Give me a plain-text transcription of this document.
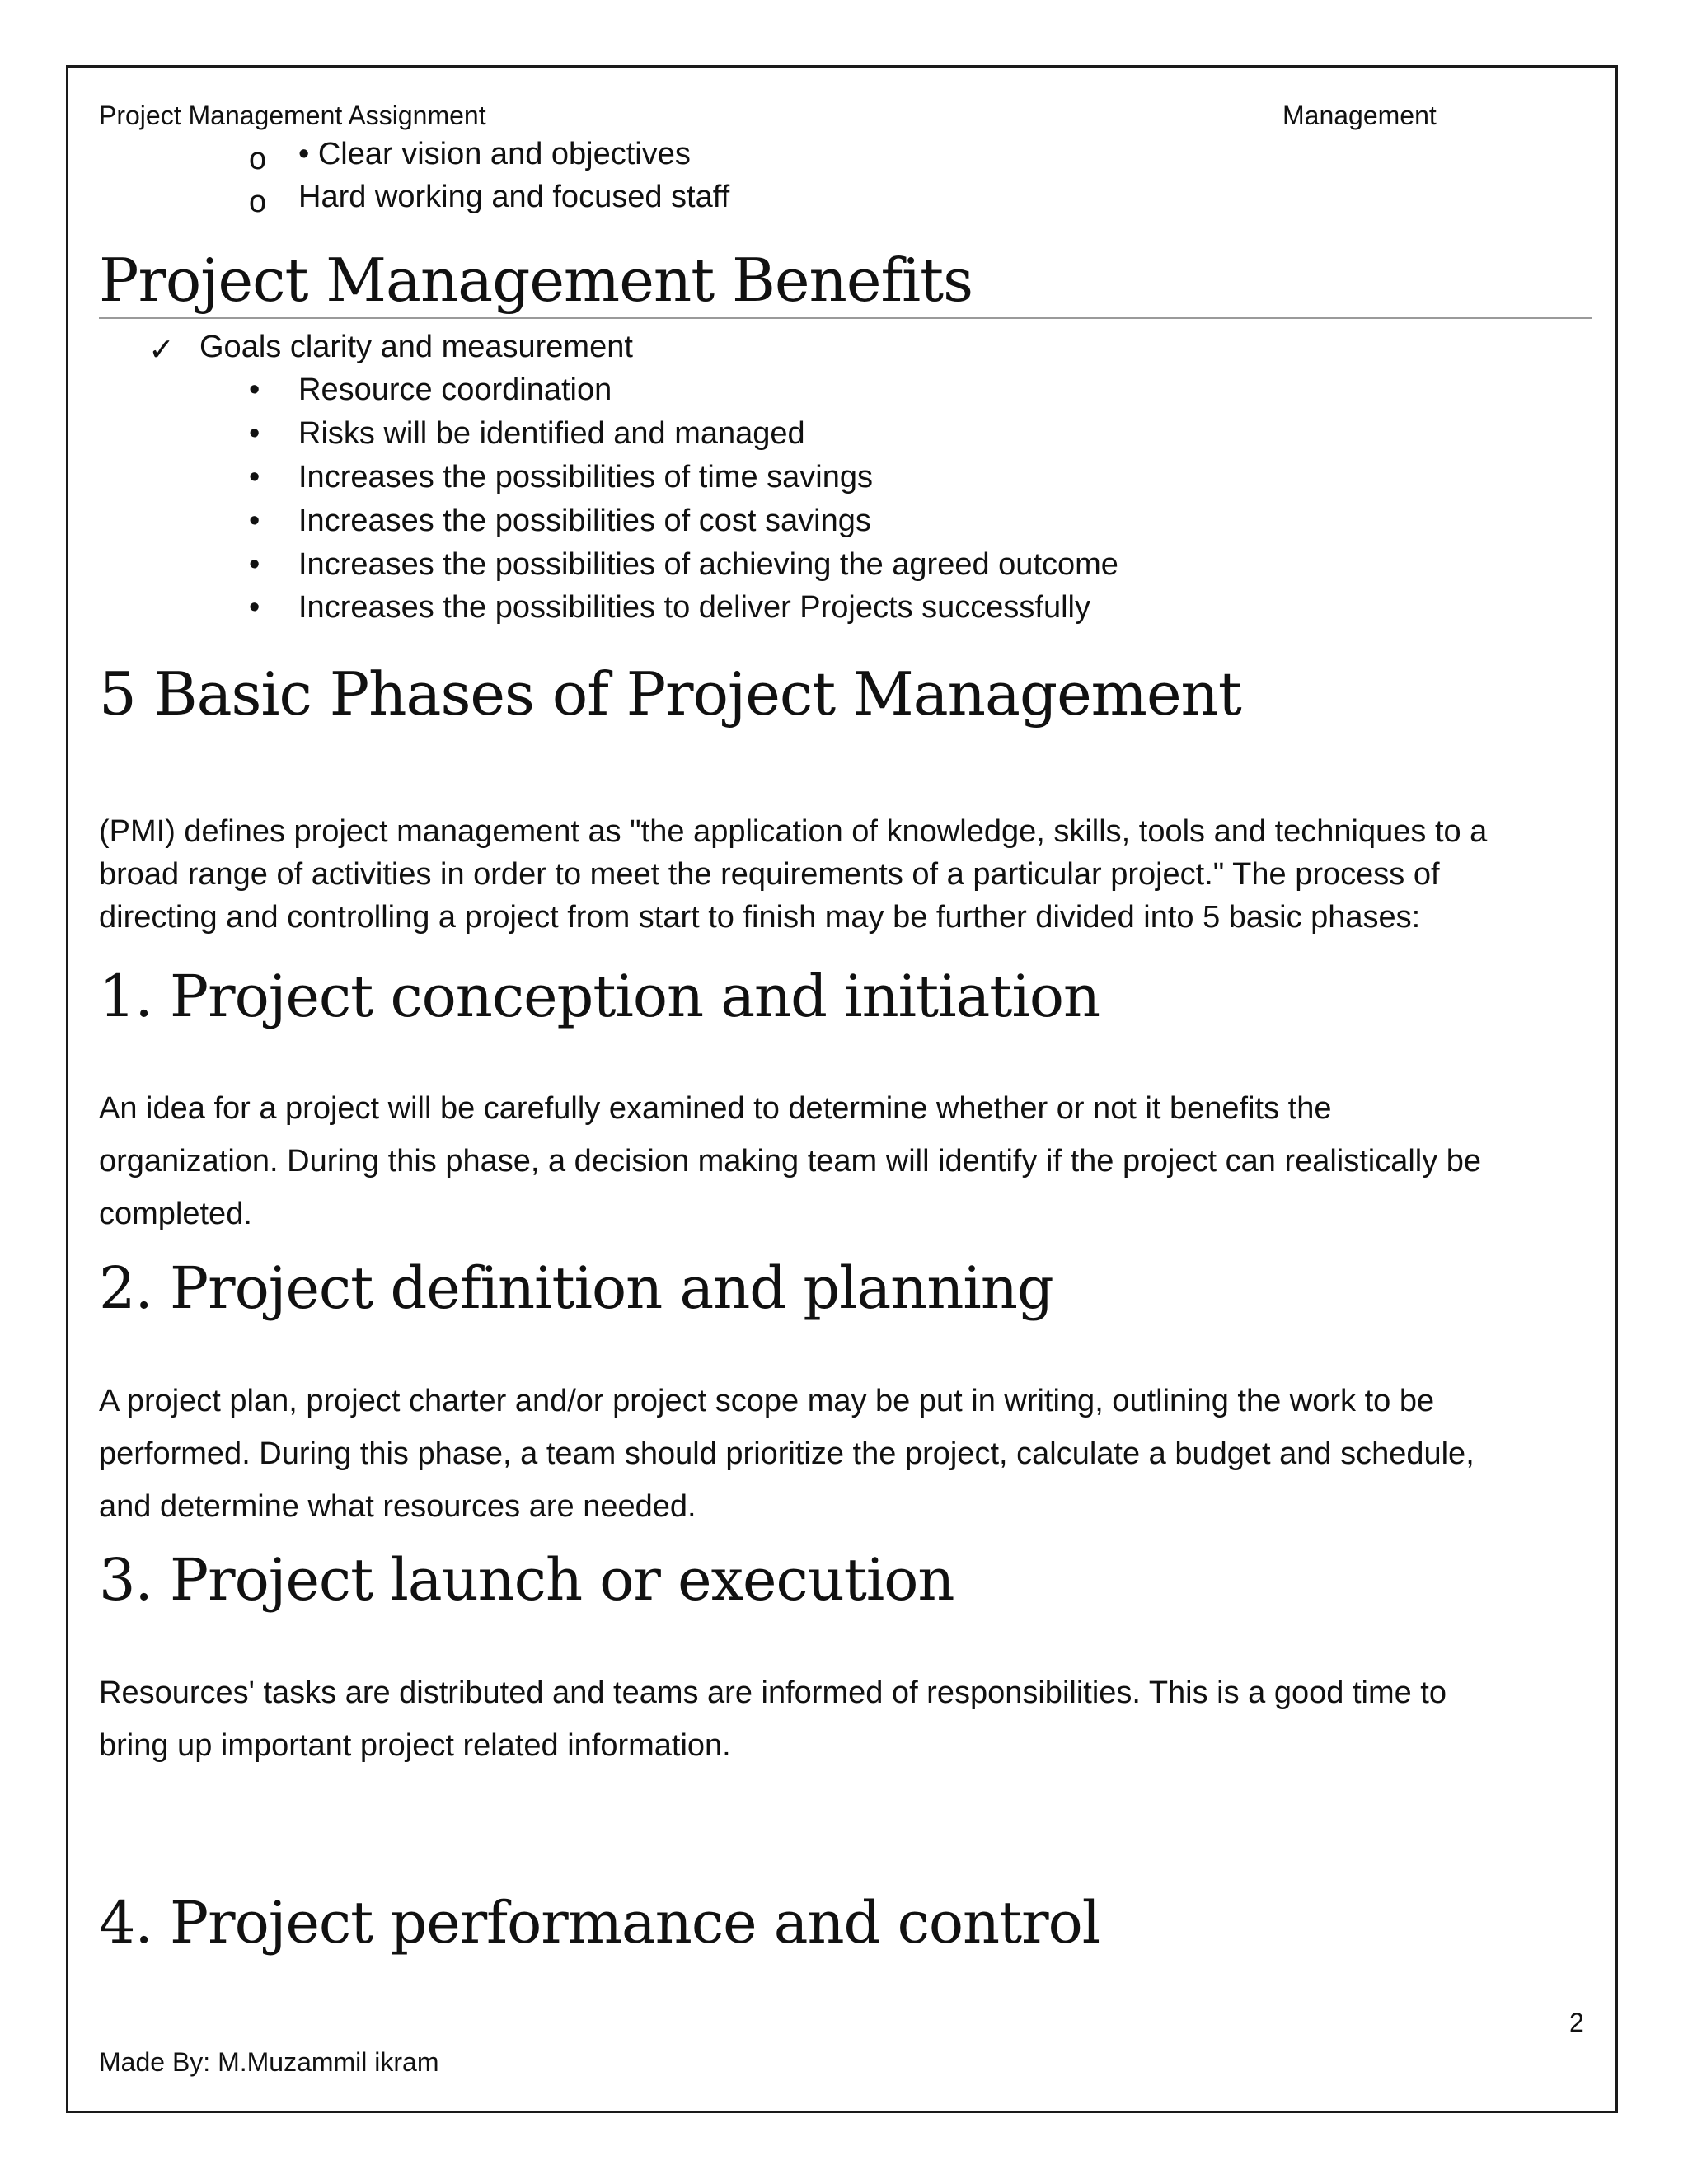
Project Management Assignment	Management
o • Clear vision and objectives
o Hard working and focused staff
Project Management Benefits
✓ Goals clarity and measurement
• Resource coordination
• Risks will be identified and managed
• Increases the possibilities of time savings
• Increases the possibilities of cost savings
• Increases the possibilities of achieving the agreed outcome
• Increases the possibilities to deliver Projects successfully
5 Basic Phases of Project Management
(PMI) defines project management as "the application of knowledge, skills, tools and techniques to a
broad range of activities in order to meet the requirements of a particular project." The process of
directing and controlling a project from start to finish may be further divided into 5 basic phases:
1. Project conception and initiation
An idea for a project will be carefully examined to determine whether or not it benefits the
organization. During this phase, a decision making team will identify if the project can realistically be
completed.
2. Project definition and planning
A project plan, project charter and/or project scope may be put in writing, outlining the work to be
performed. During this phase, a team should prioritize the project, calculate a budget and schedule,
and determine what resources are needed.
3. Project launch or execution
Resources' tasks are distributed and teams are informed of responsibilities. This is a good time to
bring up important project related information.
4. Project performance and control
2
Made By: M.Muzammil ikram
